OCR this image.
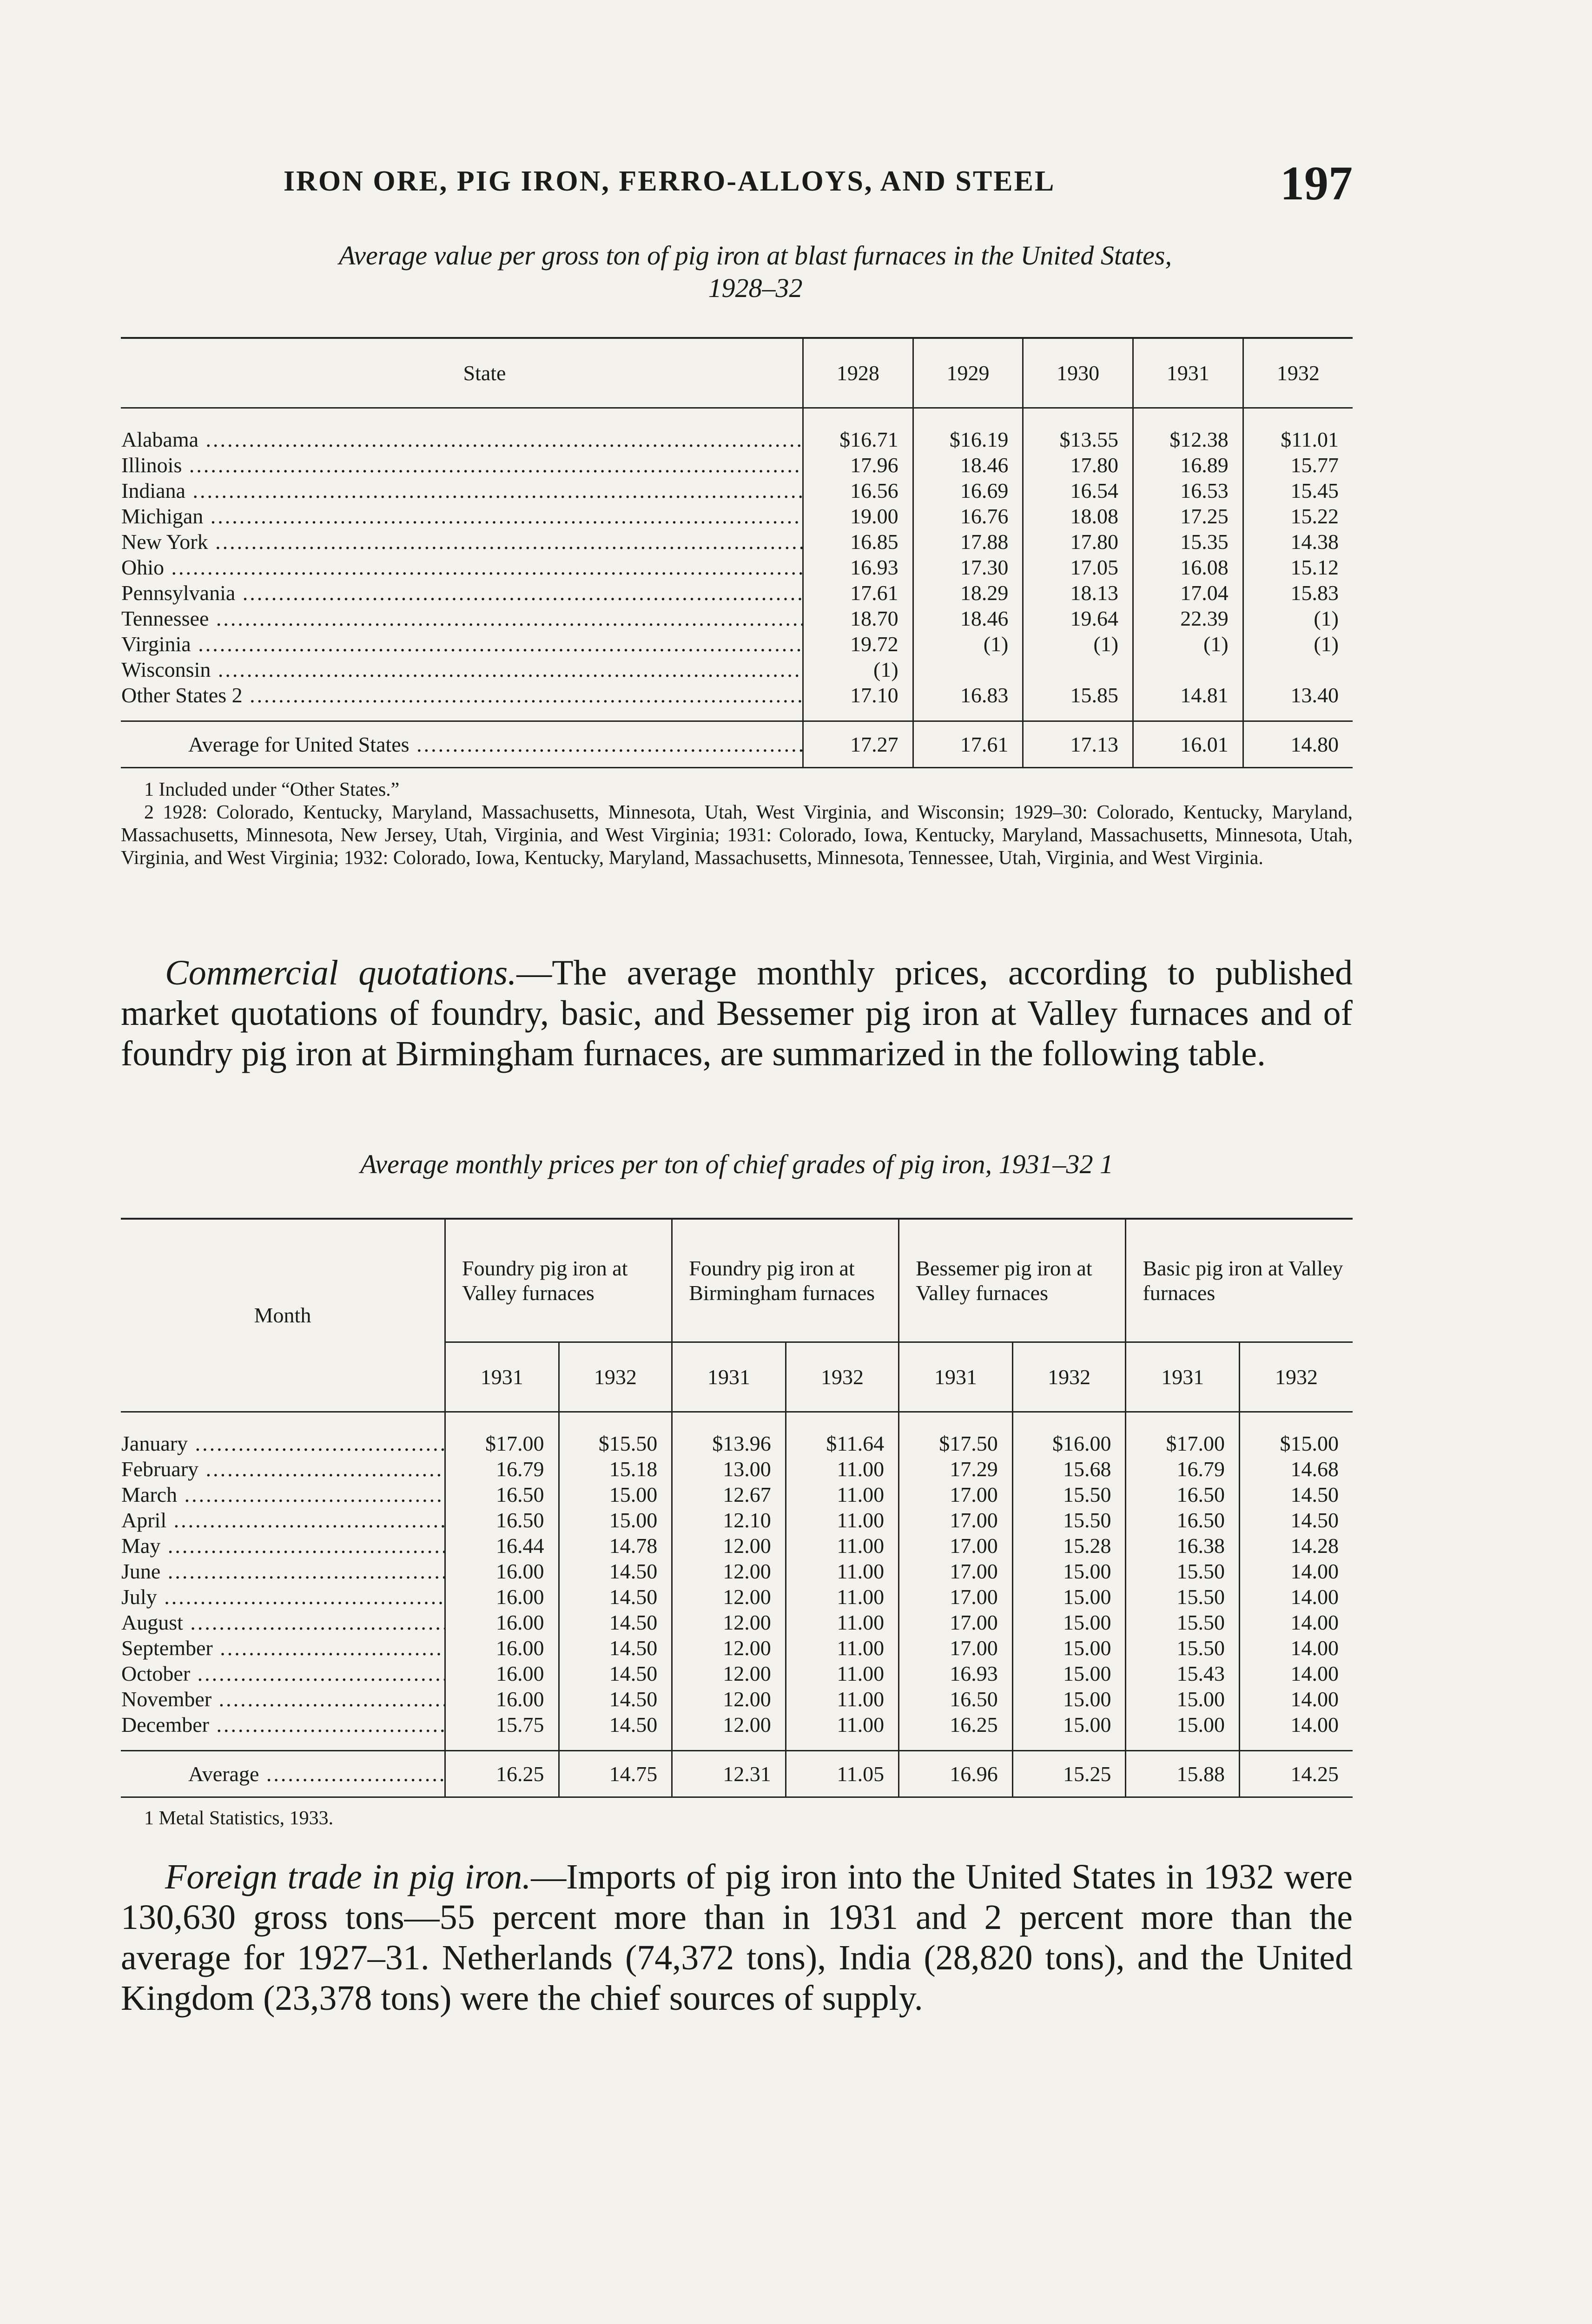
IRON ORE, PIG IRON, FERRO-ALLOYS, AND STEEL	197
Average value per gross ton of pig iron at blast furnaces in the United States,
1928–32
State	1928	1929	1930	1931	1932
Alabama .....	$16.71	$16.19	$13.55	$12.38	$11.01
Illinois .....	17.96	18.46	17.80	16.89	15.77
Indiana .....	16.56	16.69	16.54	16.53	15.45
Michigan .....	19.00	16.76	18.08	17.25	15.22
New York .....	16.85	17.88	17.80	15.35	14.38
Ohio .....	16.93	17.30	17.05	16.08	15.12
Pennsylvania .....	17.61	18.29	18.13	17.04	15.83
Tennessee .....	18.70	18.46	19.64	22.39	(1)
Virginia .....	19.72	(1)	(1)	(1)	(1)
Wisconsin .....	(1)				
Other States 2 .....	17.10	16.83	15.85	14.81	13.40
Average for United States .....	17.27	17.61	17.13	16.01	14.80
1 Included under “Other States.”
2 1928: Colorado, Kentucky, Maryland, Massachusetts, Minnesota, Utah, West Virginia, and Wisconsin; 1929–30: Colorado, Kentucky, Maryland, Massachusetts, Minnesota, New Jersey, Utah, Virginia, and West Virginia; 1931: Colorado, Iowa, Kentucky, Maryland, Massachusetts, Minnesota, Utah, Virginia, and West Virginia; 1932: Colorado, Iowa, Kentucky, Maryland, Massachusetts, Minnesota, Tennessee, Utah, Virginia, and West Virginia.
Commercial quotations.—The average monthly prices, according to published market quotations of foundry, basic, and Bessemer pig iron at Valley furnaces and of foundry pig iron at Birmingham furnaces, are summarized in the following table.
Average monthly prices per ton of chief grades of pig iron, 1931–32 1
Month	Foundry pig iron at Valley furnaces		Foundry pig iron at Birmingham furnaces		Bessemer pig iron at Valley furnaces		Basic pig iron at Valley furnaces	
	1931	1932	1931	1932	1931	1932	1931	1932
January .....	$17.00	$15.50	$13.96	$11.64	$17.50	$16.00	$17.00	$15.00
February .....	16.79	15.18	13.00	11.00	17.29	15.68	16.79	14.68
March .....	16.50	15.00	12.67	11.00	17.00	15.50	16.50	14.50
April .....	16.50	15.00	12.10	11.00	17.00	15.50	16.50	14.50
May .....	16.44	14.78	12.00	11.00	17.00	15.28	16.38	14.28
June .....	16.00	14.50	12.00	11.00	17.00	15.00	15.50	14.00
July .....	16.00	14.50	12.00	11.00	17.00	15.00	15.50	14.00
August .....	16.00	14.50	12.00	11.00	17.00	15.00	15.50	14.00
September .....	16.00	14.50	12.00	11.00	17.00	15.00	15.50	14.00
October .....	16.00	14.50	12.00	11.00	16.93	15.00	15.43	14.00
November .....	16.00	14.50	12.00	11.00	16.50	15.00	15.00	14.00
December .....	15.75	14.50	12.00	11.00	16.25	15.00	15.00	14.00
Average .....	16.25	14.75	12.31	11.05	16.96	15.25	15.88	14.25
1 Metal Statistics, 1933.
Foreign trade in pig iron.—Imports of pig iron into the United States in 1932 were 130,630 gross tons—55 percent more than in 1931 and 2 percent more than the average for 1927–31. Netherlands (74,372 tons), India (28,820 tons), and the United Kingdom (23,378 tons) were the chief sources of supply.
